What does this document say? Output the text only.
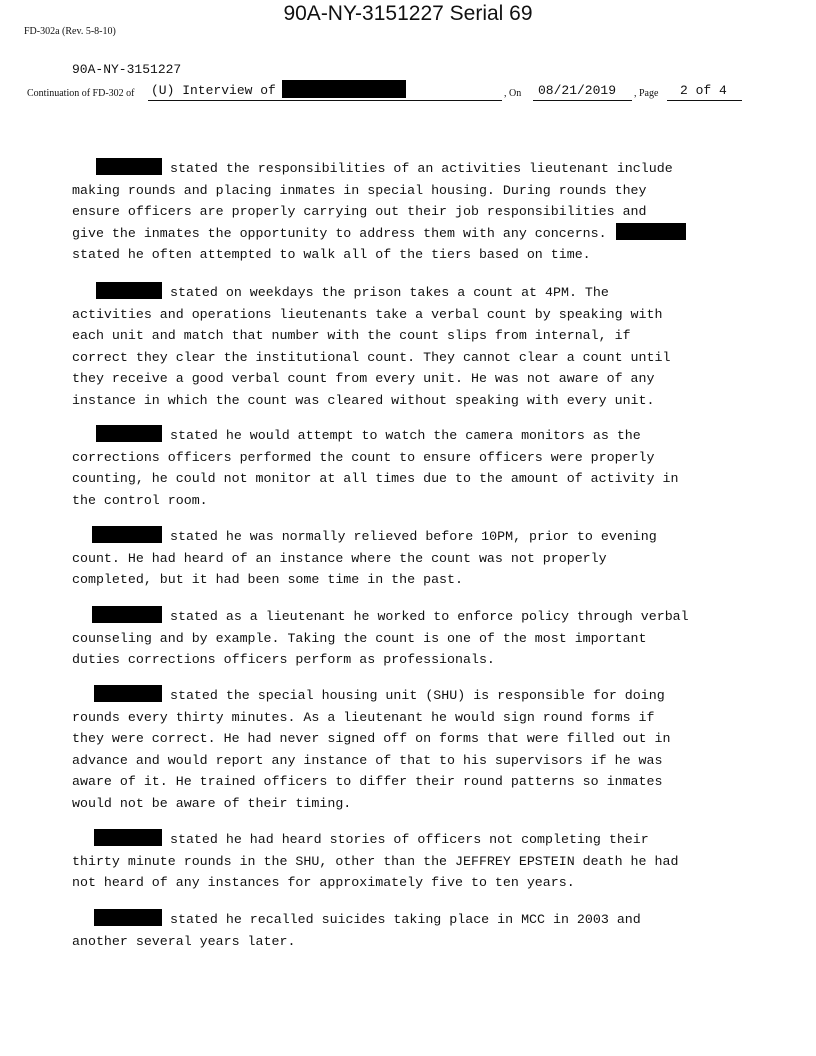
90A-NY-3151227 Serial 69
FD-302a (Rev. 5-8-10)
90A-NY-3151227
Continuation of FD-302 of (U) Interview of	, On 08/21/2019 , Page 2 of 4
stated the responsibilities of an activities lieutenant include
making rounds and placing inmates in special housing. During rounds they
ensure officers are properly carrying out their job responsibilities and
give the inmates the opportunity to address them with any concerns.
stated he often attempted to walk all of the tiers based on time.
stated on weekdays the prison takes a count at 4PM. The
activities and operations lieutenants take a verbal count by speaking with
each unit and match that number with the count slips from internal, if
correct they clear the institutional count. They cannot clear a count until
they receive a good verbal count from every unit. He was not aware of any
instance in which the count was cleared without speaking with every unit.
stated he would attempt to watch the camera monitors as the
corrections officers performed the count to ensure officers were properly
counting, he could not monitor at all times due to the amount of activity in
the control room.
stated he was normally relieved before 10PM, prior to evening
count. He had heard of an instance where the count was not properly
completed, but it had been some time in the past.
stated as a lieutenant he worked to enforce policy through verbal
counseling and by example. Taking the count is one of the most important
duties corrections officers perform as professionals.
stated the special housing unit (SHU) is responsible for doing
rounds every thirty minutes. As a lieutenant he would sign round forms if
they were correct. He had never signed off on forms that were filled out in
advance and would report any instance of that to his supervisors if he was
aware of it. He trained officers to differ their round patterns so inmates
would not be aware of their timing.
stated he had heard stories of officers not completing their
thirty minute rounds in the SHU, other than the JEFFREY EPSTEIN death he had
not heard of any instances for approximately five to ten years.
stated he recalled suicides taking place in MCC in 2003 and
another several years later.
